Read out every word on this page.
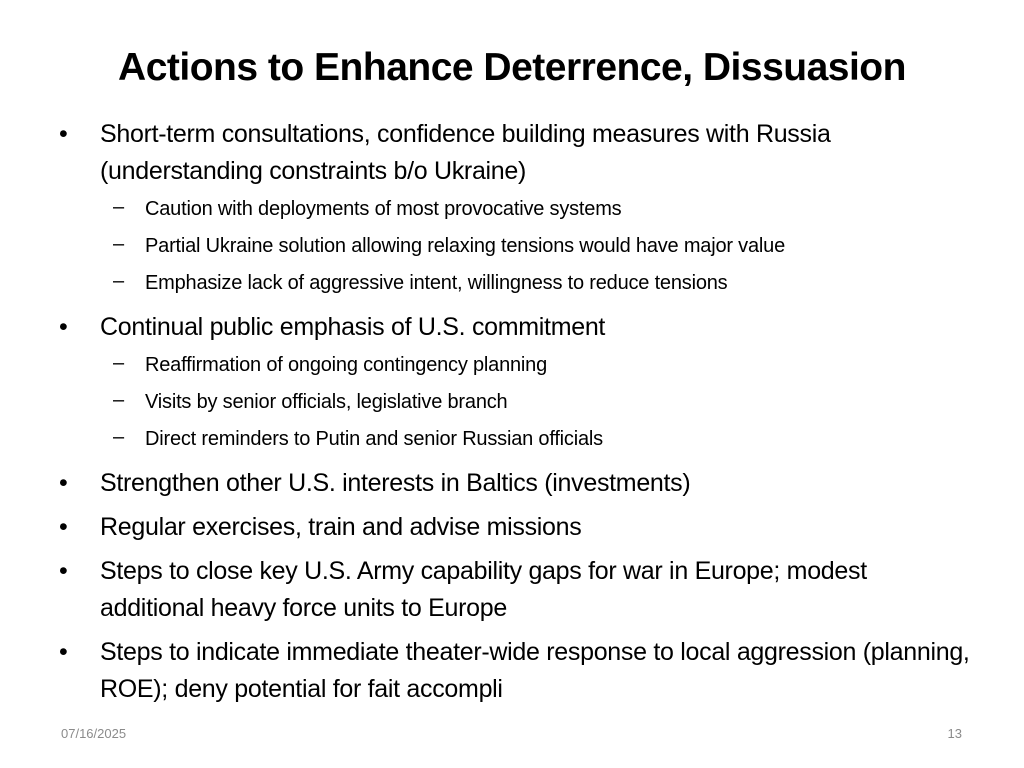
Actions to Enhance Deterrence, Dissuasion
• Short-term consultations, confidence building measures with Russia (understanding constraints b/o Ukraine)
– Caution with deployments of most provocative systems
– Partial Ukraine solution allowing relaxing tensions would have major value
– Emphasize lack of aggressive intent, willingness to reduce tensions
• Continual public emphasis of U.S. commitment
– Reaffirmation of ongoing contingency planning
– Visits by senior officials, legislative branch
– Direct reminders to Putin and senior Russian officials
• Strengthen other U.S. interests in Baltics (investments)
• Regular exercises, train and advise missions
• Steps to close key U.S. Army capability gaps for war in Europe; modest additional heavy force units to Europe
• Steps to indicate immediate theater-wide response to local aggression (planning, ROE); deny potential for fait accompli
07/16/2025	13
